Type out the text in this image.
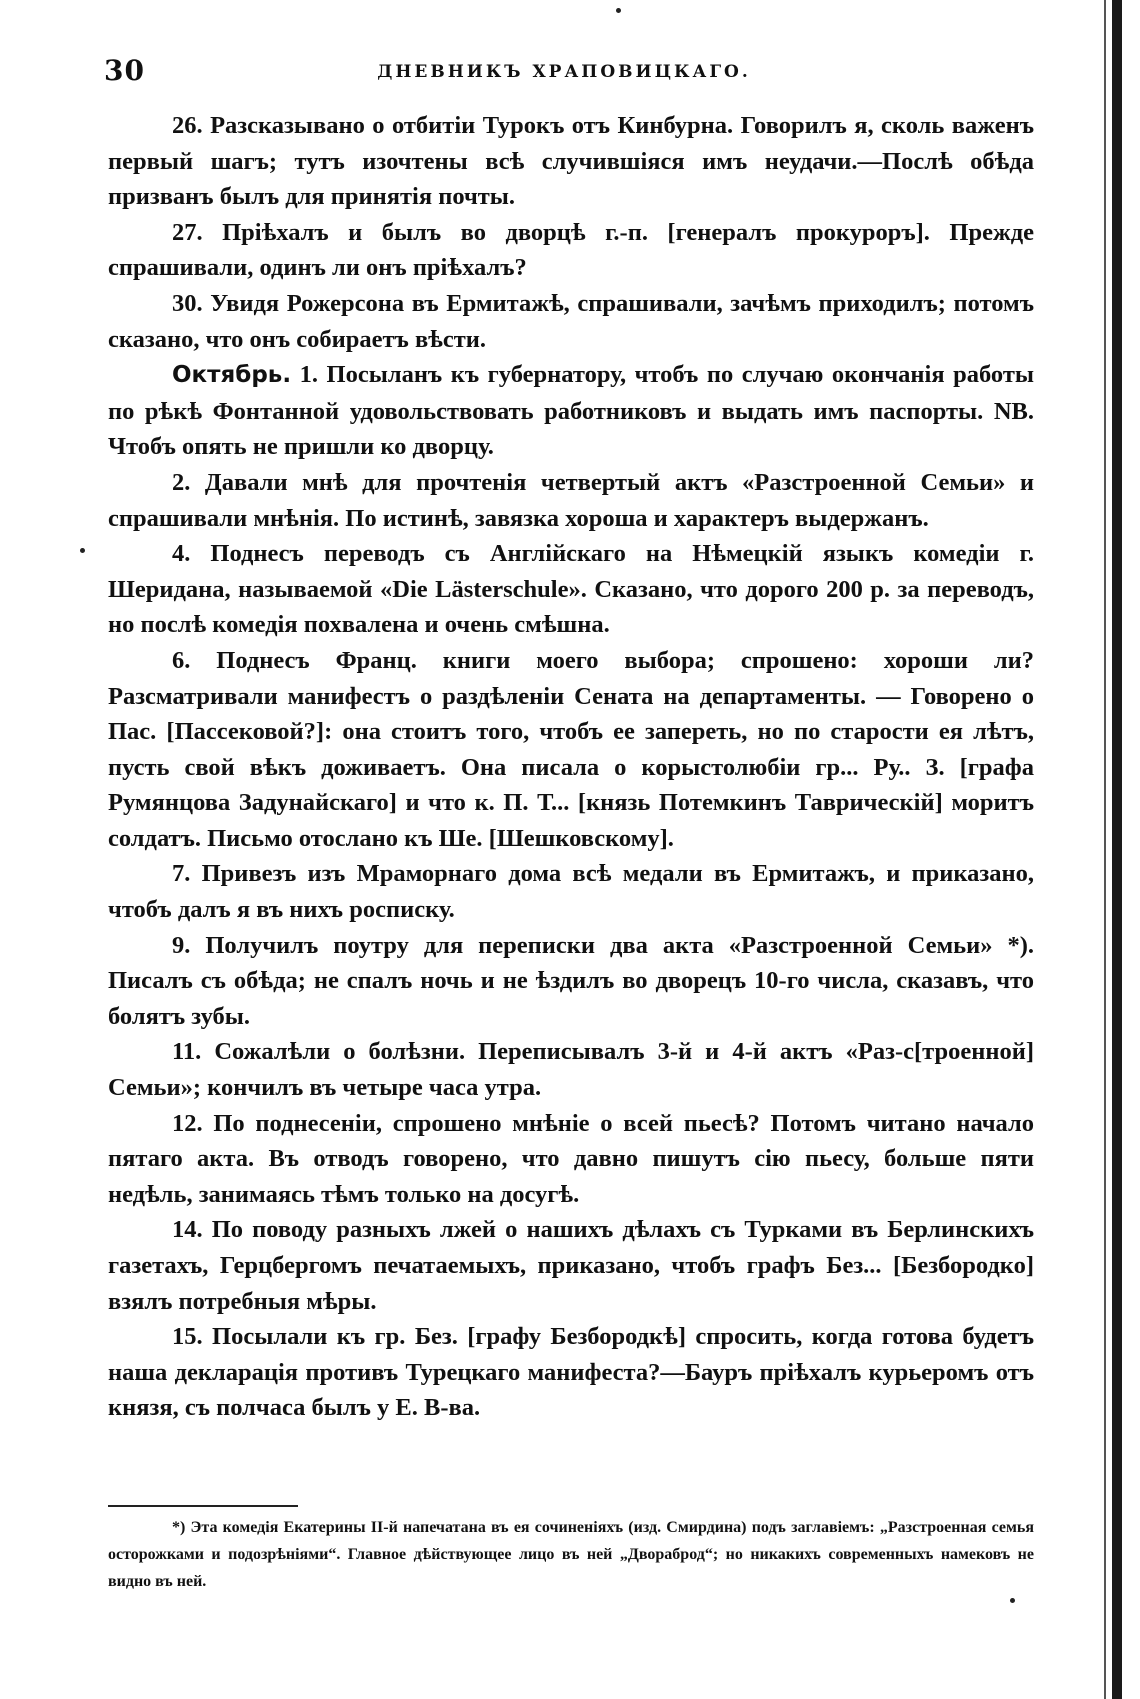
30	ДНЕВНИКЪ ХРАПОВИЦКАГО.

26. Разсказывано о отбитіи Турокъ отъ Кинбурна. Говорилъ я, сколь важенъ первый шагъ; тутъ изочтены всѣ случившіяся имъ неудачи.—Послѣ обѣда призванъ былъ для принятія почты.

27. Пріѣхалъ и былъ во дворцѣ г.-п. [генералъ прокуроръ]. Прежде спрашивали, одинъ ли онъ пріѣхалъ?

30. Увидя Рожерсона въ Ермитажѣ, спрашивали, зачѣмъ приходилъ; потомъ сказано, что онъ собираетъ вѣсти.

Октябрь. 1. Посыланъ къ губернатору, чтобъ по случаю окончанія работы по рѣкѣ Фонтанной удовольствовать работниковъ и выдать имъ паспорты. NB. Чтобъ опять не пришли ко дворцу.

2. Давали мнѣ для прочтенія четвертый актъ «Разстроенной Семьи» и спрашивали мнѣнія. По истинѣ, завязка хороша и характеръ выдержанъ.

4. Поднесъ переводъ съ Англійскаго на Нѣмецкій языкъ комедіи г. Шеридана, называемой «Die Lästerschule». Сказано, что дорого 200 р. за переводъ, но послѣ комедія похвалена и очень смѣшна.

6. Поднесъ Франц. книги моего выбора; спрошено: хороши ли? Разсматривали манифестъ о раздѣленіи Сената на департаменты. — Говорено о Пас. [Пассековой?]: она стоитъ того, чтобъ ее запереть, но по старости ея лѣтъ, пусть свой вѣкъ доживаетъ. Она писала о корыстолюбіи гр... Ру.. З. [графа Румянцова Задунайскаго] и что к. П. Т... [князь Потемкинъ Таврическій] моритъ солдатъ. Письмо отослано къ Ше. [Шешковскому].

7. Привезъ изъ Мраморнаго дома всѣ медали въ Ермитажъ, и приказано, чтобъ далъ я въ нихъ росписку.

9. Получилъ поутру для переписки два акта «Разстроенной Семьи» *). Писалъ съ обѣда; не спалъ ночь и не ѣздилъ во дворецъ 10-го числа, сказавъ, что болятъ зубы.

11. Сожалѣли о болѣзни. Переписывалъ 3-й и 4-й актъ «Раз-с[троенной] Семьи»; кончилъ въ четыре часа утра.

12. По поднесеніи, спрошено мнѣніе о всей пьесѣ? Потомъ читано начало пятаго акта. Въ отводъ говорено, что давно пишутъ сію пьесу, больше пяти недѣль, занимаясь тѣмъ только на досугѣ.

14. По поводу разныхъ лжей о нашихъ дѣлахъ съ Турками въ Берлинскихъ газетахъ, Герцбергомъ печатаемыхъ, приказано, чтобъ графъ Без... [Безбородко] взялъ потребныя мѣры.

15. Посылали къ гр. Без. [графу Безбородкѣ] спросить, когда готова будетъ наша декларація противъ Турецкаго манифеста?—Бауръ пріѣхалъ курьеромъ отъ князя, съ полчаса былъ у Е. В-ва.

*) Эта комедія Екатерины II-й напечатана въ ея сочиненіяхъ (изд. Смирдина) подъ заглавіемъ: „Разстроенная семья осторожками и подозрѣніями“. Главное дѣйствующее лицо въ ней „Двораброд“; но никакихъ современныхъ намековъ не видно въ ней.
